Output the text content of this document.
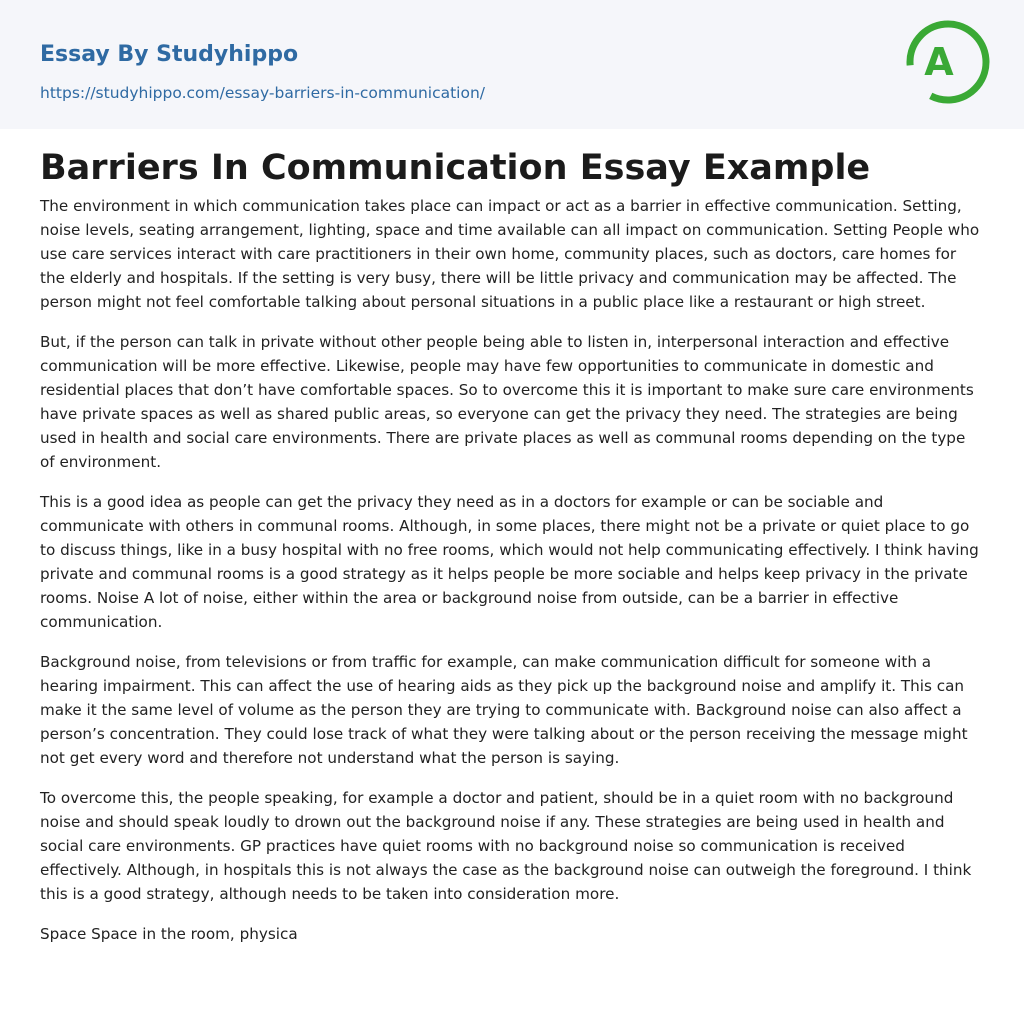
Essay By Studyhippo
https://studyhippo.com/essay-barriers-in-communication/
A
Barriers In Communication Essay Example

The environment in which communication takes place can impact or act as a barrier in effective communication. Setting, noise levels, seating arrangement, lighting, space and time available can all impact on communication. Setting People who use care services interact with care practitioners in their own home, community places, such as doctors, care homes for the elderly and hospitals. If the setting is very busy, there will be little privacy and communication may be affected. The person might not feel comfortable talking about personal situations in a public place like a restaurant or high street.

But, if the person can talk in private without other people being able to listen in, interpersonal interaction and effective communication will be more effective. Likewise, people may have few opportunities to communicate in domestic and residential places that don’t have comfortable spaces. So to overcome this it is important to make sure care environments have private spaces as well as shared public areas, so everyone can get the privacy they need. The strategies are being used in health and social care environments. There are private places as well as communal rooms depending on the type of environment.

This is a good idea as people can get the privacy they need as in a doctors for example or can be sociable and communicate with others in communal rooms. Although, in some places, there might not be a private or quiet place to go to discuss things, like in a busy hospital with no free rooms, which would not help communicating effectively. I think having private and communal rooms is a good strategy as it helps people be more sociable and helps keep privacy in the private rooms. Noise A lot of noise, either within the area or background noise from outside, can be a barrier in effective communication.

Background noise, from televisions or from traffic for example, can make communication difficult for someone with a hearing impairment. This can affect the use of hearing aids as they pick up the background noise and amplify it. This can make it the same level of volume as the person they are trying to communicate with. Background noise can also affect a person’s concentration. They could lose track of what they were talking about or the person receiving the message might not get every word and therefore not understand what the person is saying.

To overcome this, the people speaking, for example a doctor and patient, should be in a quiet room with no background noise and should speak loudly to drown out the background noise if any. These strategies are being used in health and social care environments. GP practices have quiet rooms with no background noise so communication is received effectively. Although, in hospitals this is not always the case as the background noise can outweigh the foreground. I think this is a good strategy, although needs to be taken into consideration more.

Space Space in the room, physica
